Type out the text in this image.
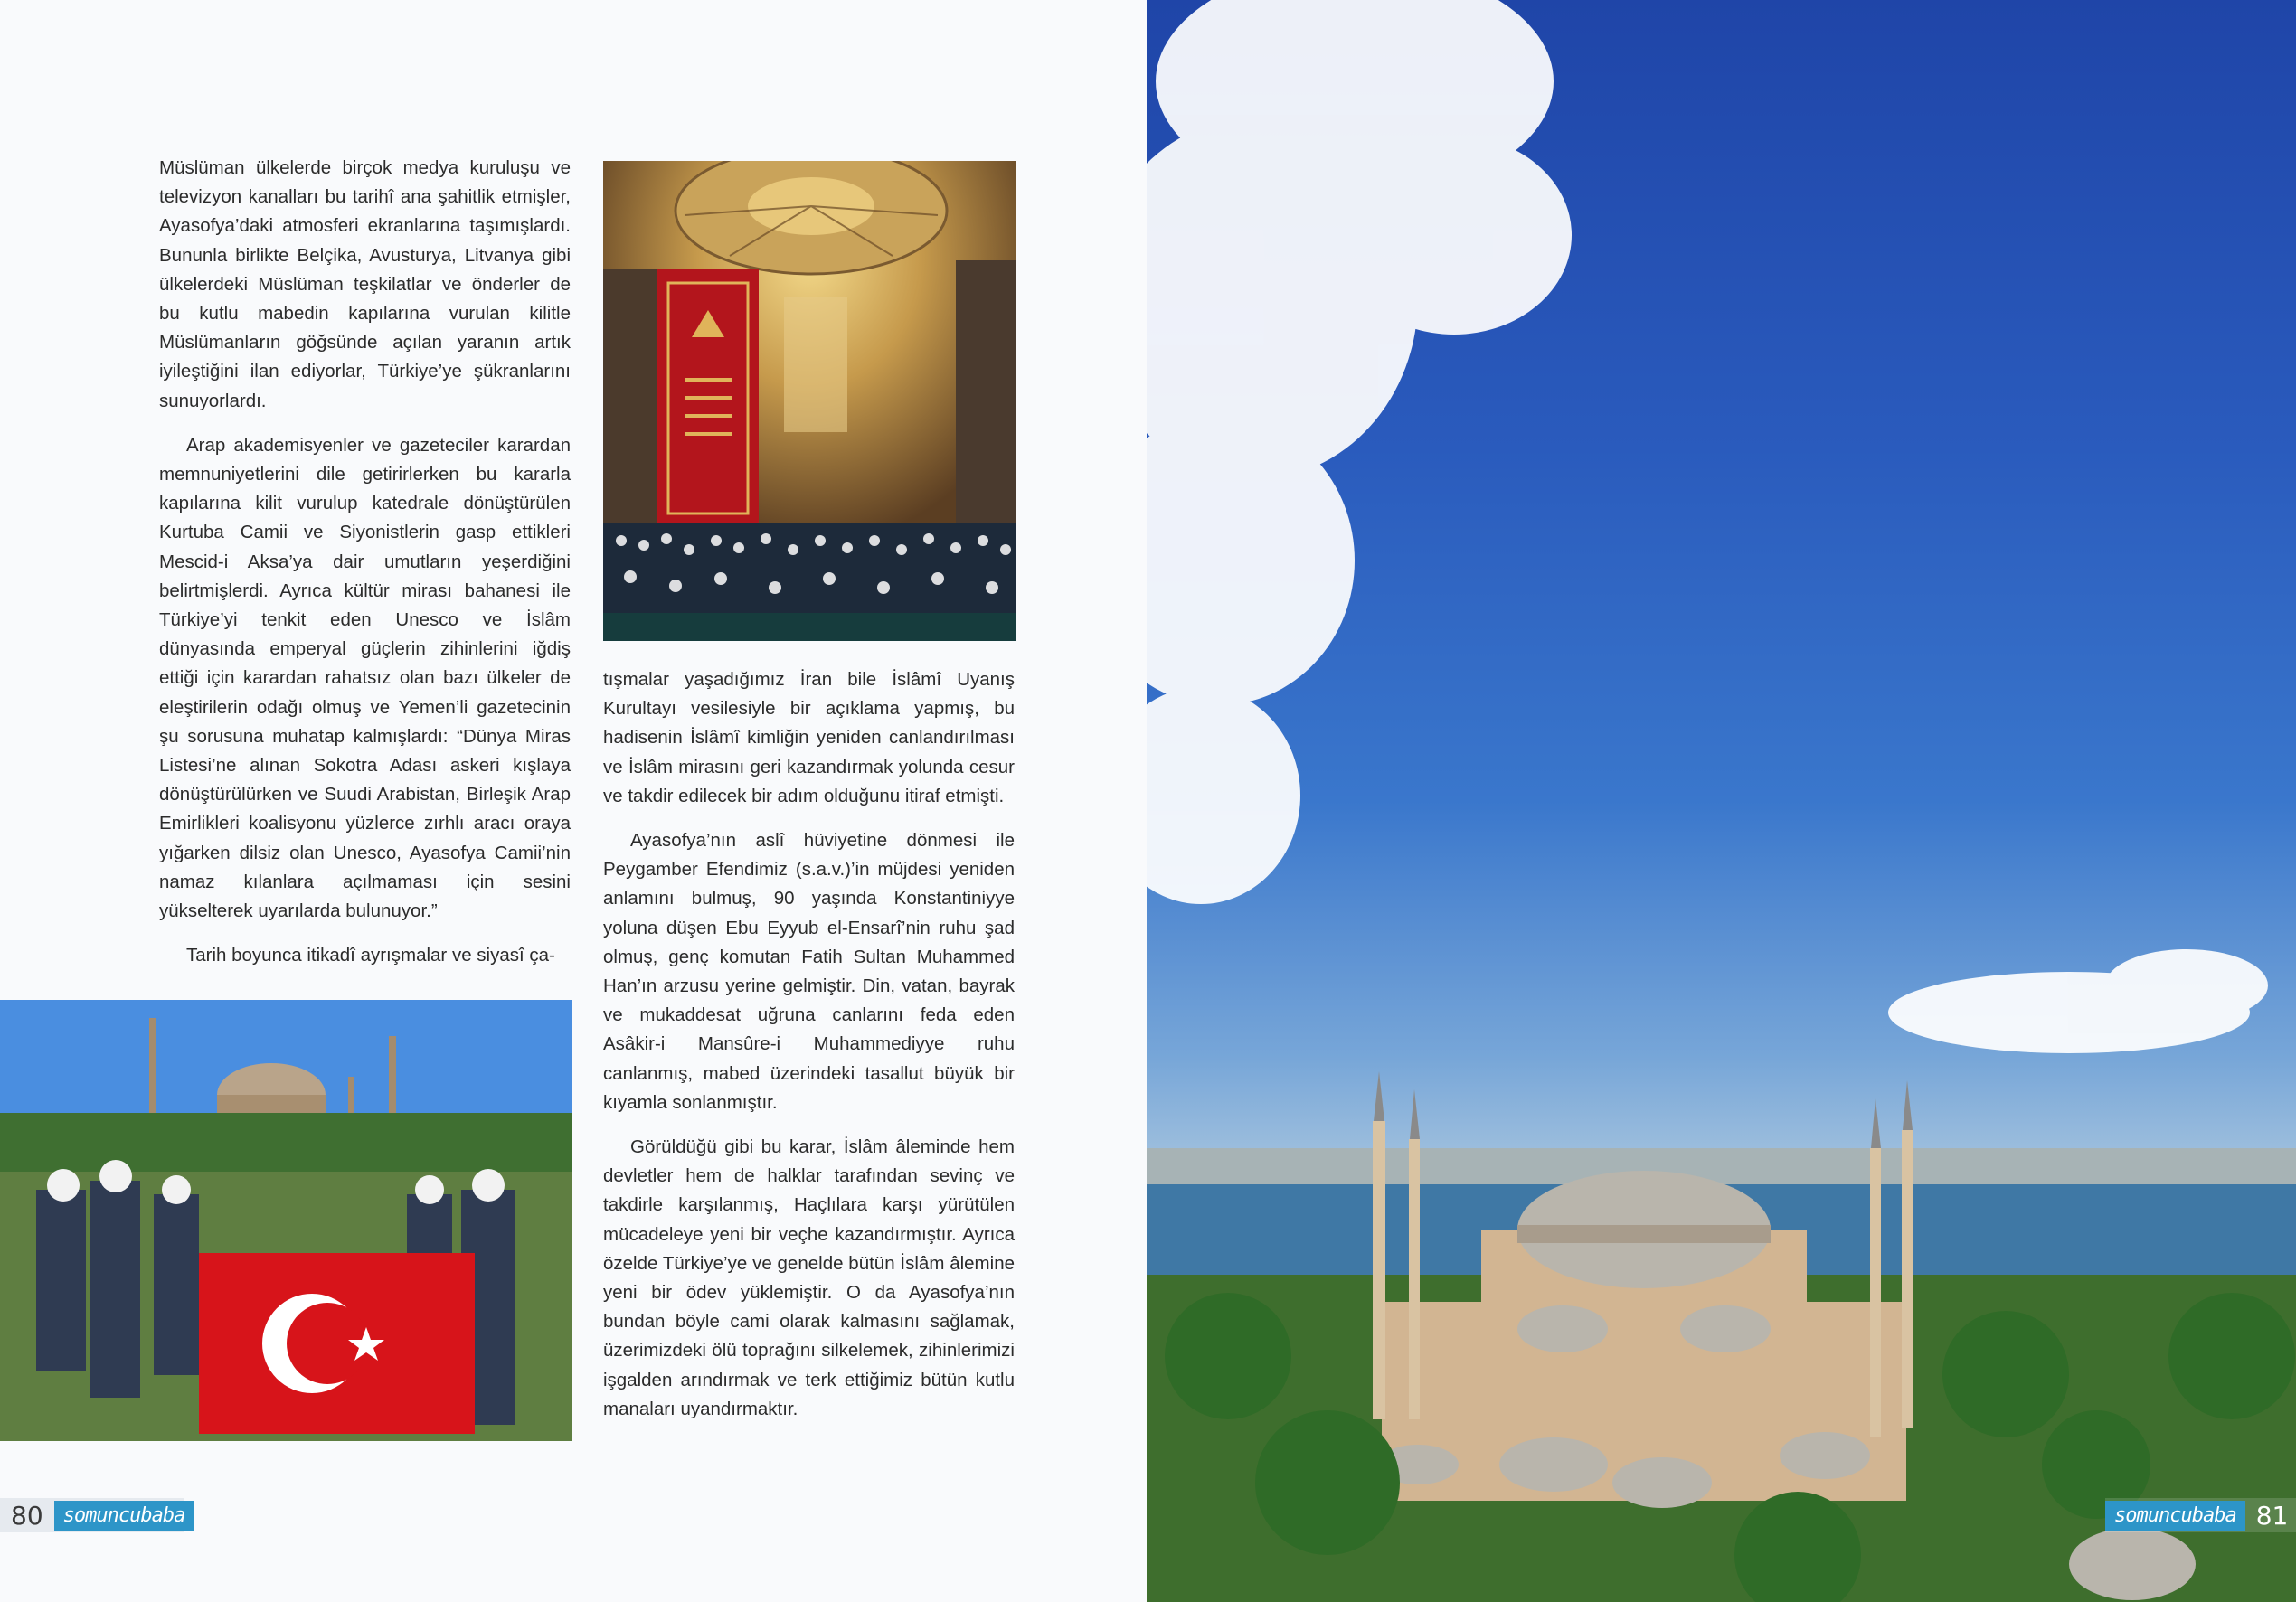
Müslüman ülkelerde birçok medya kuruluşu ve televizyon kanalları bu tarihî ana şahitlik etmişler, Ayasofya’daki atmosferi ekranlarına taşımışlardı. Bununla birlikte Belçika, Avusturya, Litvanya gibi ülkelerdeki Müslüman teşkilatlar ve önderler de bu kutlu mabedin kapılarına vurulan kilitle Müslümanların göğsünde açılan yaranın artık iyileştiğini ilan ediyorlar, Türkiye’ye şükranlarını sunuyorlardı.

Arap akademisyenler ve gazeteciler karardan memnuniyetlerini dile getirirlerken bu kararla kapılarına kilit vurulup katedrale dönüştürülen Kurtuba Camii ve Siyonistlerin gasp ettikleri Mescid-i Aksa’ya dair umutların yeşerdiğini belirtmişlerdi. Ayrıca kültür mirası bahanesi ile Türkiye’yi tenkit eden Unesco ve İslâm dünyasında emperyal güçlerin zihinlerini iğdiş ettiği için karardan rahatsız olan bazı ülkeler de eleştirilerin odağı olmuş ve Yemen’li gazetecinin şu sorusuna muhatap kalmışlardı: “Dünya Miras Listesi’ne alınan Sokotra Adası askeri kışlaya dönüştürülürken ve Suudi Arabistan, Birleşik Arap Emirlikleri koalisyonu yüzlerce zırhlı aracı oraya yığarken dilsiz olan Unesco, Ayasofya Camii’nin namaz kılanlara açılmaması için sesini yükselterek uyarılarda bulunuyor.”

Tarih boyunca itikadî ayrışmalar ve siyasî ça-

tışmalar yaşadığımız İran bile İslâmî Uyanış Kurultayı vesilesiyle bir açıklama yapmış, bu hadisenin İslâmî kimliğin yeniden canlandırılması ve İslâm mirasını geri kazandırmak yolunda cesur ve takdir edilecek bir adım olduğunu itiraf etmişti.

Ayasofya’nın aslî hüviyetine dönmesi ile Peygamber Efendimiz (s.a.v.)’in müjdesi yeniden anlamını bulmuş, 90 yaşında Konstantiniyye yoluna düşen Ebu Eyyub el-Ensarî’nin ruhu şad olmuş, genç komutan Fatih Sultan Muhammed Han’ın arzusu yerine gelmiştir. Din, vatan, bayrak ve mukaddesat uğruna canlarını feda eden Asâkir-i Mansûre-i Muhammediyye ruhu canlanmış, mabed üzerindeki tasallut büyük bir kıyamla sonlanmıştır.

Görüldüğü gibi bu karar, İslâm âleminde hem devletler hem de halklar tarafından sevinç ve takdirle karşılanmış, Haçlılara karşı yürütülen mücadeleye yeni bir veçhe kazandırmıştır. Ayrıca özelde Türkiye’ye ve genelde bütün İslâm âlemine yeni bir ödev yüklemiştir. O da Ayasofya’nın bundan böyle cami olarak kalmasını sağlamak, üzerimizdeki ölü toprağını silkelemek, zihinlerimizi işgalden arındırmak ve terk ettiğimiz bütün kutlu manaları uyandırmaktır.

80	somuncubaba	somuncubaba 81
